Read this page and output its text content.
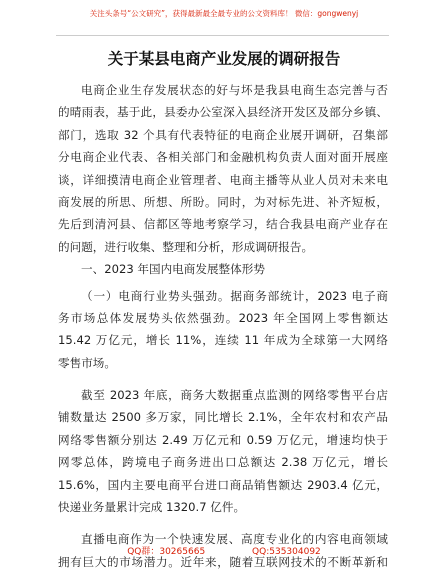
关注头条号“公文研究”，获得最新最全最专业的公文资料库！ 微信：gongwenyj
关于某县电商产业发展的调研报告
电商企业生存发展状态的好与坏是我县电商生态完善与否
的晴雨表，基于此，县委办公室深入县经济开发区及部分乡镇、
部门，选取 32 个具有代表特征的电商企业展开调研，召集部
分电商企业代表、各相关部门和金融机构负责人面对面开展座
谈，详细摸清电商企业管理者、电商主播等从业人员对未来电
商发展的所思、所想、所盼。同时，为对标先进、补齐短板，
先后到清河县、信都区等地考察学习，结合我县电商产业存在
的问题，进行收集、整理和分析，形成调研报告。
一、2023 年国内电商发展整体形势
（一）电商行业势头强劲。据商务部统计，2023 电子商
务市场总体发展势头依然强劲。2023 年全国网上零售额达
15.42 万亿元，增长 11%，连续 11 年成为全球第一大网络
零售市场。
截至 2023 年底，商务大数据重点监测的网络零售平台店
铺数量达 2500 多万家，同比增长 2.1%，全年农村和农产品
网络零售额分别达 2.49 万亿元和 0.59 万亿元，增速均快于
网零总体，跨境电子商务进出口总额达 2.38 万亿元，增长
15.6%，国内主要电商平台进口商品销售额达 2903.4 亿元，
快递业务量累计完成 1320.7 亿件。
直播电商作为一个快速发展、高度专业化的内容电商领域
拥有巨大的市场潜力。近年来，随着互联网技术的不断革新和
QQ群：30265665	QQ:535304092
